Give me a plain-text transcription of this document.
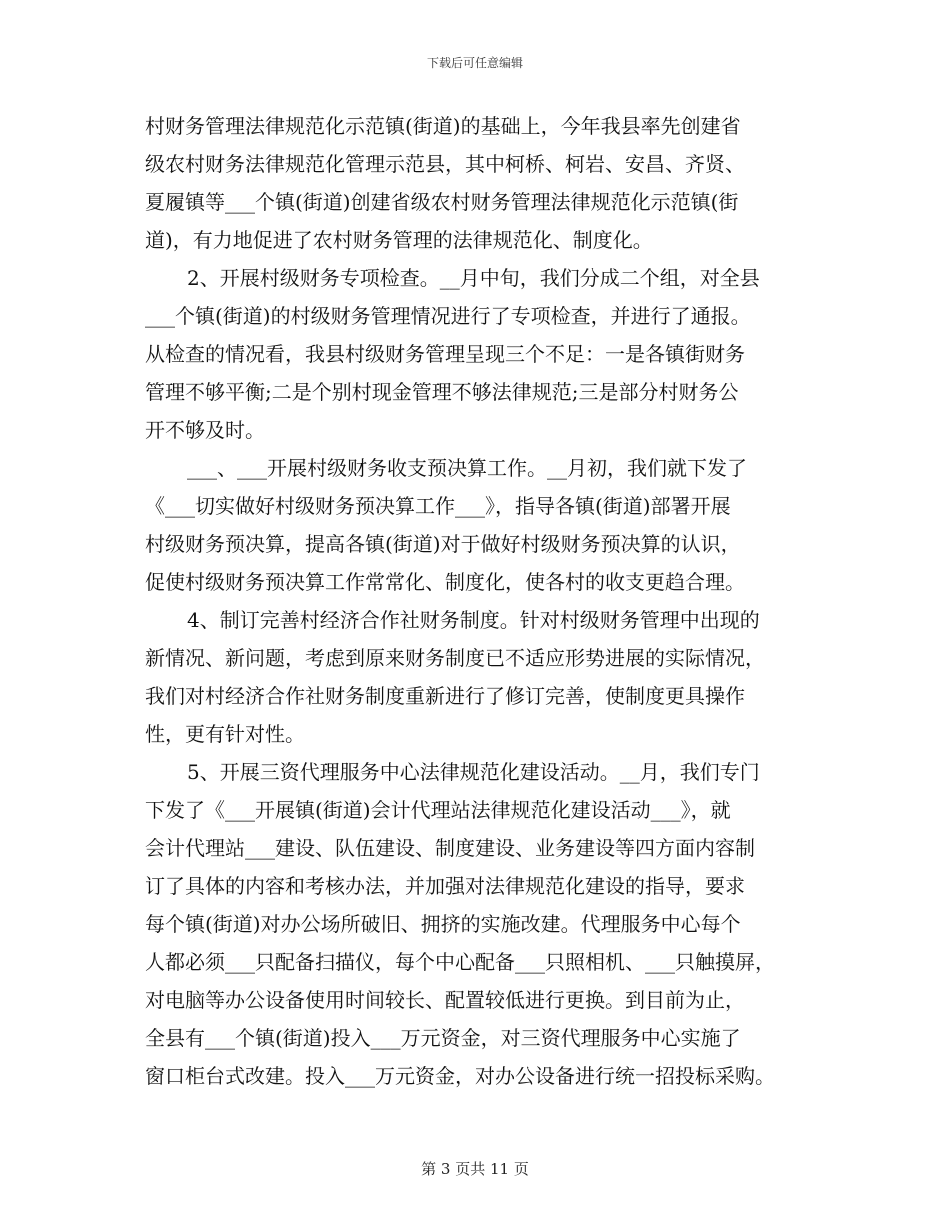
下载后可任意编辑
村财务管理法律规范化示范镇(街道)的基础上，今年我县率先创建省
级农村财务法律规范化管理示范县，其中柯桥、柯岩、安昌、齐贤、
夏履镇等___个镇(街道)创建省级农村财务管理法律规范化示范镇(街
道)，有力地促进了农村财务管理的法律规范化、制度化。
2、开展村级财务专项检查。__月中旬，我们分成二个组，对全县
___个镇(街道)的村级财务管理情况进行了专项检查，并进行了通报。
从检查的情况看，我县村级财务管理呈现三个不足：一是各镇街财务
管理不够平衡;二是个别村现金管理不够法律规范;三是部分村财务公
开不够及时。
___、___开展村级财务收支预决算工作。__月初，我们就下发了
《___切实做好村级财务预决算工作___》，指导各镇(街道)部署开展
村级财务预决算，提高各镇(街道)对于做好村级财务预决算的认识，
促使村级财务预决算工作常常化、制度化，使各村的收支更趋合理。
4、制订完善村经济合作社财务制度。针对村级财务管理中出现的
新情况、新问题，考虑到原来财务制度已不适应形势进展的实际情况，
我们对村经济合作社财务制度重新进行了修订完善，使制度更具操作
性，更有针对性。
5、开展三资代理服务中心法律规范化建设活动。__月，我们专门
下发了《___开展镇(街道)会计代理站法律规范化建设活动___》，就
会计代理站___建设、队伍建设、制度建设、业务建设等四方面内容制
订了具体的内容和考核办法，并加强对法律规范化建设的指导，要求
每个镇(街道)对办公场所破旧、拥挤的实施改建。代理服务中心每个
人都必须___只配备扫描仪，每个中心配备___只照相机、___只触摸屏，
对电脑等办公设备使用时间较长、配置较低进行更换。到目前为止，
全县有___个镇(街道)投入___万元资金，对三资代理服务中心实施了
窗口柜台式改建。投入___万元资金，对办公设备进行统一招投标采购。
第 3 页共 11 页
